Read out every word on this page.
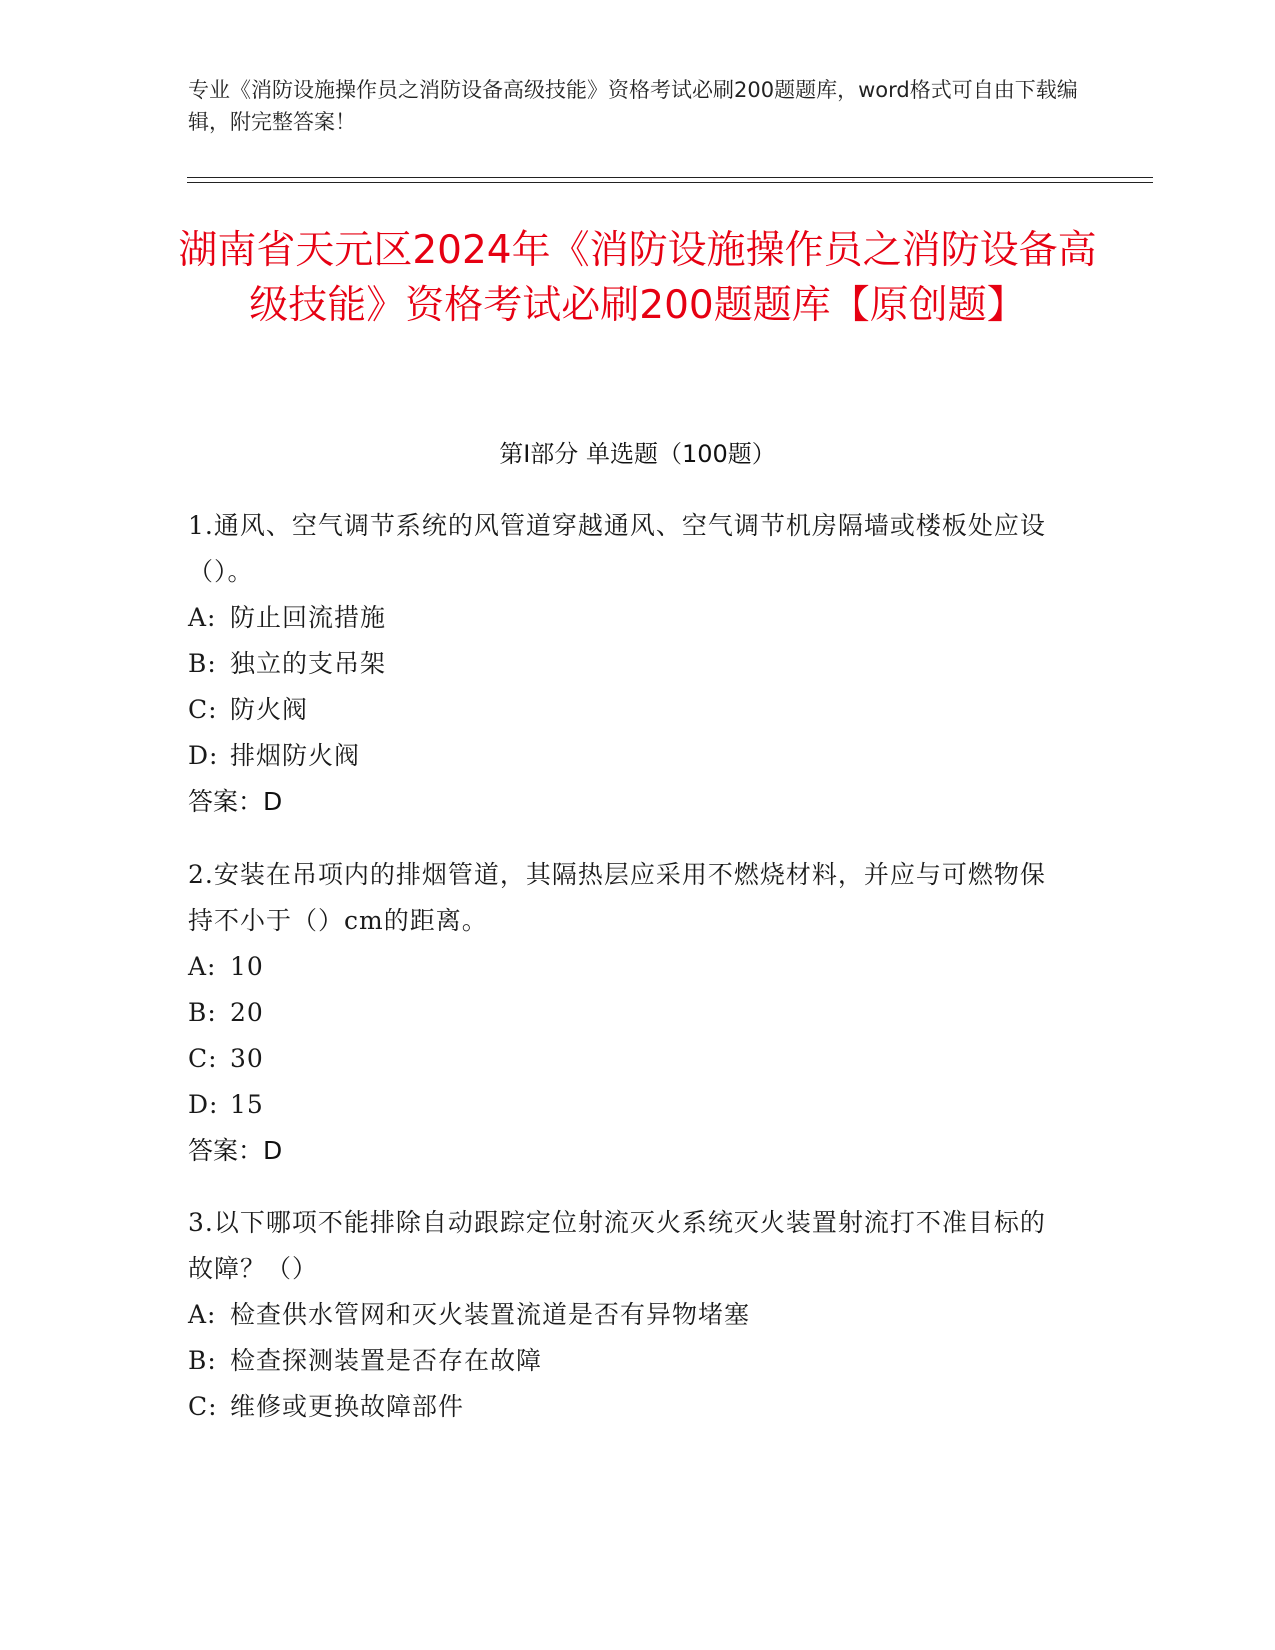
专业《消防设施操作员之消防设备高级技能》资格考试必刷200题题库，word格式可自由下载编辑，附完整答案！

湖南省天元区2024年《消防设施操作员之消防设备高级技能》资格考试必刷200题题库【原创题】
第Ⅰ部分 单选题（100题）

1.通风、空气调节系统的风管道穿越通风、空气调节机房隔墙或楼板处应设（）。

A: 防止回流措施

B: 独立的支吊架

C: 防火阀

D: 排烟防火阀

答案：D

2.安装在吊项内的排烟管道，其隔热层应采用不燃烧材料，并应与可燃物保持不小于（）cm的距离。

A: 10

B: 20

C: 30

D: 15

答案：D

3.以下哪项不能排除自动跟踪定位射流灭火系统灭火装置射流打不准目标的故障？（）

A: 检查供水管网和灭火装置流道是否有异物堵塞

B: 检查探测装置是否存在故障

C: 维修或更换故障部件
